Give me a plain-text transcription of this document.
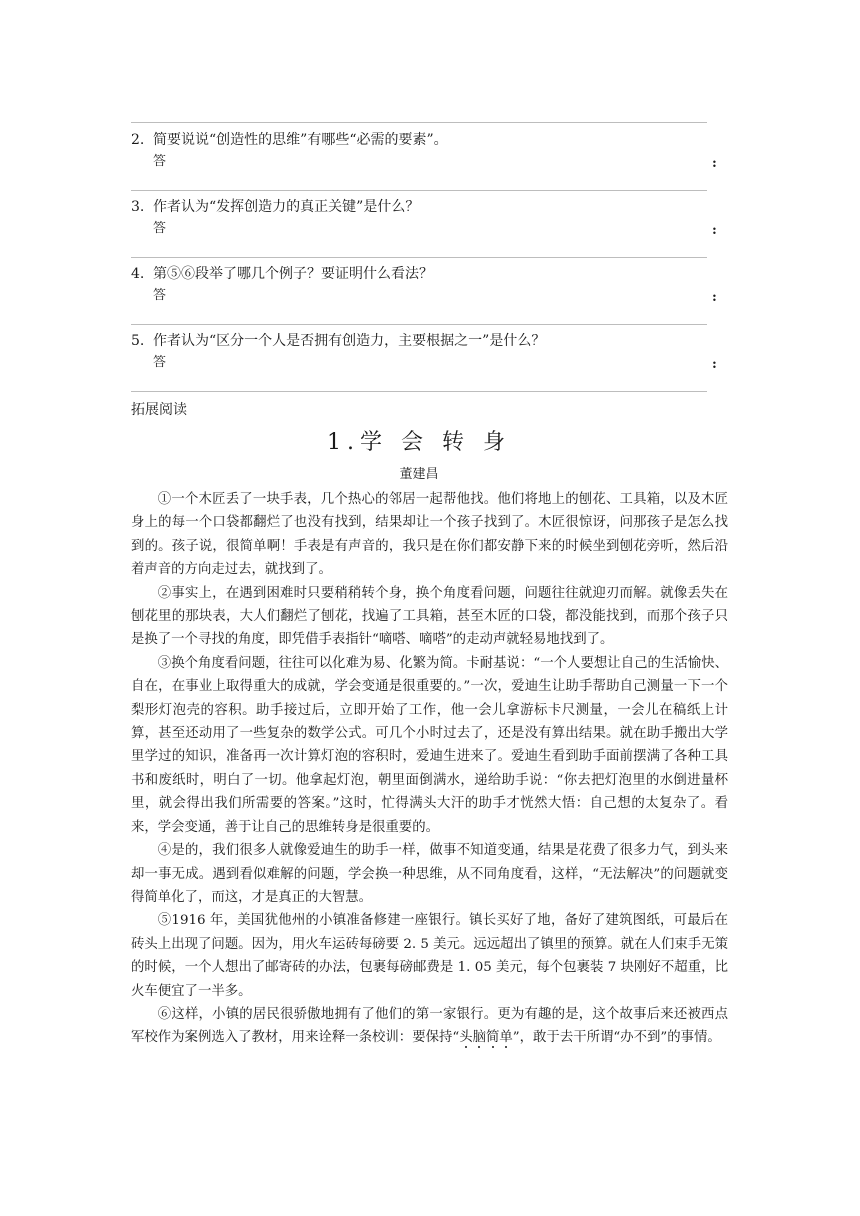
2. 简要说说“创造性的思维”有哪些“必需的要素”。
答	:
3. 作者认为“发挥创造力的真正关键”是什么？
答	:
4. 第⑤⑥段举了哪几个例子？要证明什么看法？
答	:
5. 作者认为“区分一个人是否拥有创造力，主要根据之一”是什么？
答	:
拓展阅读
1.学 会 转 身
董建昌

①一个木匠丢了一块手表，几个热心的邻居一起帮他找。他们将地上的刨花、工具箱，以及木匠身上的每一个口袋都翻烂了也没有找到，结果却让一个孩子找到了。木匠很惊讶，问那孩子是怎么找到的。孩子说，很简单啊！手表是有声音的，我只是在你们都安静下来的时候坐到刨花旁听，然后沿着声音的方向走过去，就找到了。

②事实上，在遇到困难时只要稍稍转个身，换个角度看问题，问题往往就迎刃而解。就像丢失在刨花里的那块表，大人们翻烂了刨花，找遍了工具箱，甚至木匠的口袋，都没能找到，而那个孩子只是换了一个寻找的角度，即凭借手表指针“嘀嗒、嘀嗒”的走动声就轻易地找到了。

③换个角度看问题，往往可以化难为易、化繁为简。卡耐基说：“一个人要想让自己的生活愉快、自在，在事业上取得重大的成就，学会变通是很重要的。”一次，爱迪生让助手帮助自己测量一下一个梨形灯泡壳的容积。助手接过后，立即开始了工作，他一会儿拿游标卡尺测量，一会儿在稿纸上计算，甚至还动用了一些复杂的数学公式。可几个小时过去了，还是没有算出结果。就在助手搬出大学里学过的知识，准备再一次计算灯泡的容积时，爱迪生进来了。爱迪生看到助手面前摆满了各种工具书和废纸时，明白了一切。他拿起灯泡，朝里面倒满水，递给助手说：“你去把灯泡里的水倒进量杯里，就会得出我们所需要的答案。”这时，忙得满头大汗的助手才恍然大悟：自己想的太复杂了。看来，学会变通，善于让自己的思维转身是很重要的。

④是的，我们很多人就像爱迪生的助手一样，做事不知道变通，结果是花费了很多力气，到头来却一事无成。遇到看似难解的问题，学会换一种思维，从不同角度看，这样，“无法解决”的问题就变得简单化了，而这，才是真正的大智慧。

⑤1916 年，美国犹他州的小镇准备修建一座银行。镇长买好了地，备好了建筑图纸，可最后在砖头上出现了问题。因为，用火车运砖每磅要 2. 5 美元。远远超出了镇里的预算。就在人们束手无策的时候，一个人想出了邮寄砖的办法，包裹每磅邮费是 1. 05 美元，每个包裹装 7 块刚好不超重，比火车便宜了一半多。

⑥这样，小镇的居民很骄傲地拥有了他们的第一家银行。更为有趣的是，这个故事后来还被西点军校作为案例选入了教材，用来诠释一条校训：要保持“头脑简单”，敢于去干所谓“办不到”的事情。
